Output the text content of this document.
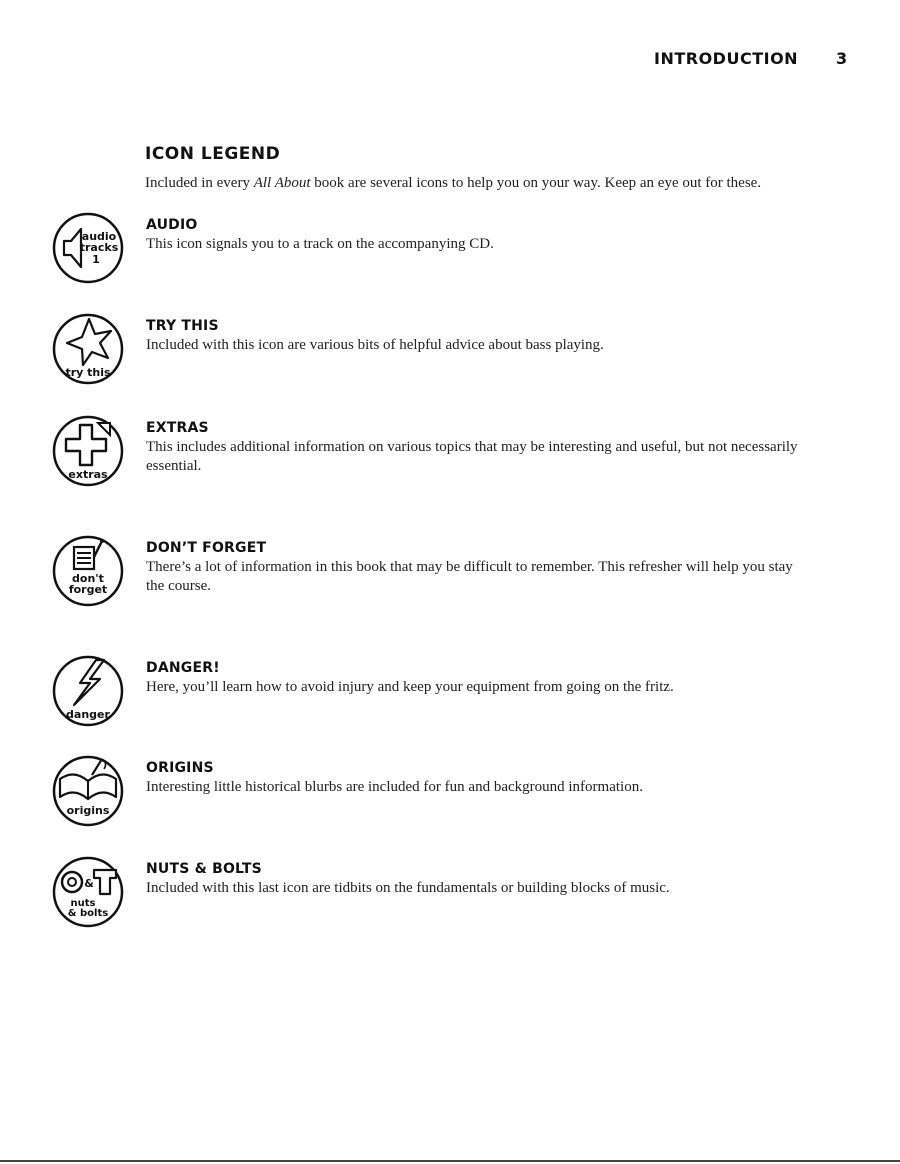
INTRODUCTION 3
ICON LEGEND

Included in every All About book are several icons to help you on your way. Keep an eye out for these.

audio
tracks
1
AUDIO
This icon signals you to a track on the accompanying CD.
try this
TRY THIS
Included with this icon are various bits of helpful advice about bass playing.
extras
EXTRAS
This includes additional information on various topics that may be interesting and useful, but not necessarily essential.
don't
forget
DON’T FORGET
There’s a lot of information in this book that may be difficult to remember. This refresher will help you stay the course.
danger
DANGER!
Here, you’ll learn how to avoid injury and keep your equipment from going on the fritz.
origins
ORIGINS
Interesting little historical blurbs are included for fun and background information.
&
nuts
& bolts
NUTS & BOLTS
Included with this last icon are tidbits on the fundamentals or building blocks of music.
